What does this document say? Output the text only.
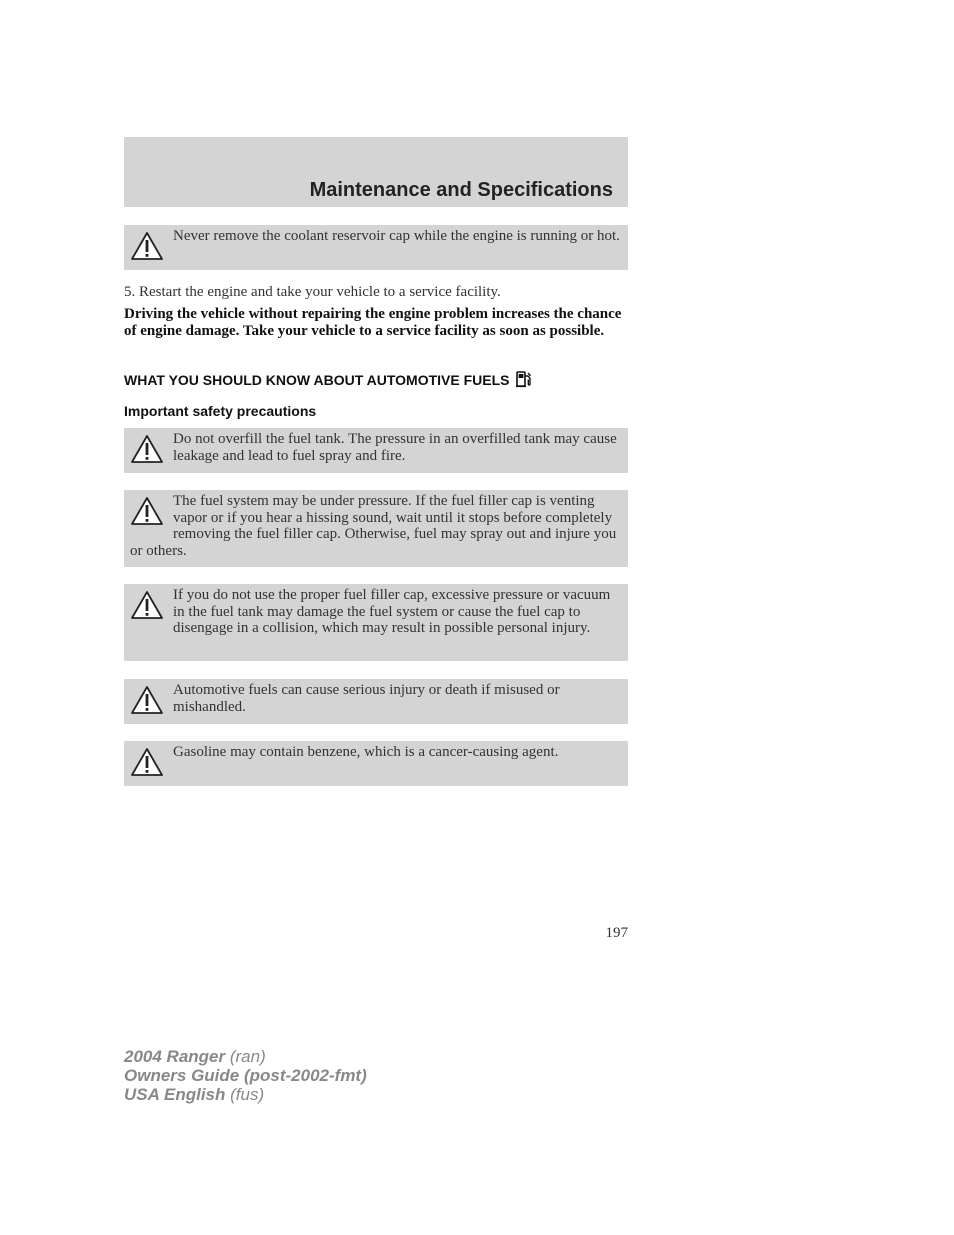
Maintenance and Specifications
Never remove the coolant reservoir cap while the engine is running or hot.
5. Restart the engine and take your vehicle to a service facility.
Driving the vehicle without repairing the engine problem increases the chance of engine damage. Take your vehicle to a service facility as soon as possible.
WHAT YOU SHOULD KNOW ABOUT AUTOMOTIVE FUELS
Important safety precautions
Do not overfill the fuel tank. The pressure in an overfilled tank may cause leakage and lead to fuel spray and fire.
The fuel system may be under pressure. If the fuel filler cap is venting vapor or if you hear a hissing sound, wait until it stops before completely removing the fuel filler cap. Otherwise, fuel may spray out and injure you or others.
If you do not use the proper fuel filler cap, excessive pressure or vacuum in the fuel tank may damage the fuel system or cause the fuel cap to disengage in a collision, which may result in possible personal injury.
Automotive fuels can cause serious injury or death if misused or mishandled.
Gasoline may contain benzene, which is a cancer-causing agent.
197
2004 Ranger (ran)
Owners Guide (post-2002-fmt)
USA English (fus)
